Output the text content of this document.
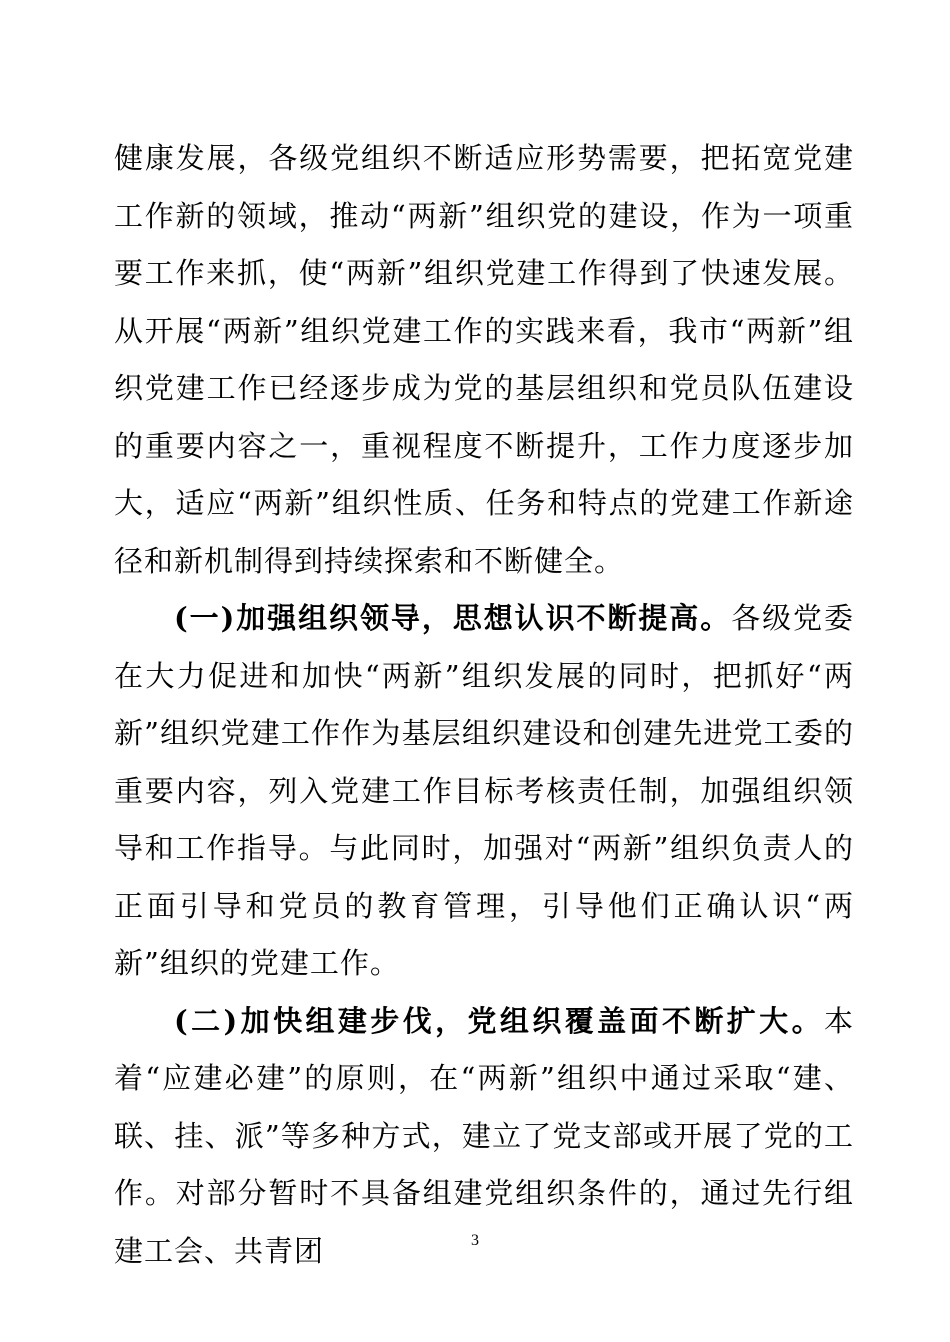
健康发展，各级党组织不断适应形势需要，把拓宽党建工作新的领域，推动“两新”组织党的建设，作为一项重要工作来抓，使“两新”组织党建工作得到了快速发展。从开展“两新”组织党建工作的实践来看，我市“两新”组织党建工作已经逐步成为党的基层组织和党员队伍建设的重要内容之一，重视程度不断提升，工作力度逐步加大，适应“两新”组织性质、任务和特点的党建工作新途径和新机制得到持续探索和不断健全。

(一)加强组织领导，思想认识不断提高。各级党委在大力促进和加快“两新”组织发展的同时，把抓好“两新”组织党建工作作为基层组织建设和创建先进党工委的重要内容，列入党建工作目标考核责任制，加强组织领导和工作指导。与此同时，加强对“两新”组织负责人的正面引导和党员的教育管理，引导他们正确认识“两新”组织的党建工作。

(二)加快组建步伐，党组织覆盖面不断扩大。本着“应建必建”的原则，在“两新”组织中通过采取“建、联、挂、派”等多种方式，建立了党支部或开展了党的工作。对部分暂时不具备组建党组织条件的，通过先行组建工会、共青团	3
